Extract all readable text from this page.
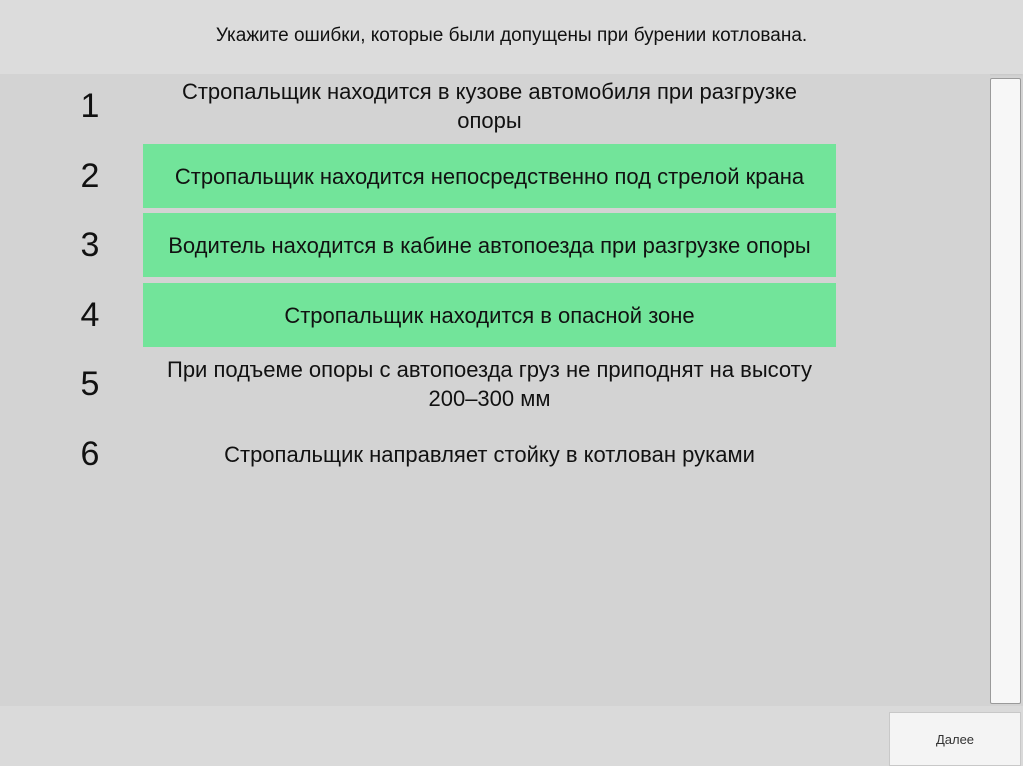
Укажите ошибки, которые были допущены при бурении котлована.
1	Стропальщик находится в кузове автомобиля при разгрузке опоры
2	Стропальщик находится непосредственно под стрелой крана
3	Водитель находится в кабине автопоезда при разгрузке опоры
4	Стропальщик находится в опасной зоне
5	При подъеме опоры с автопоезда груз не приподнят на высоту 200–300 мм
6	Стропальщик направляет стойку в котлован руками
Далее
